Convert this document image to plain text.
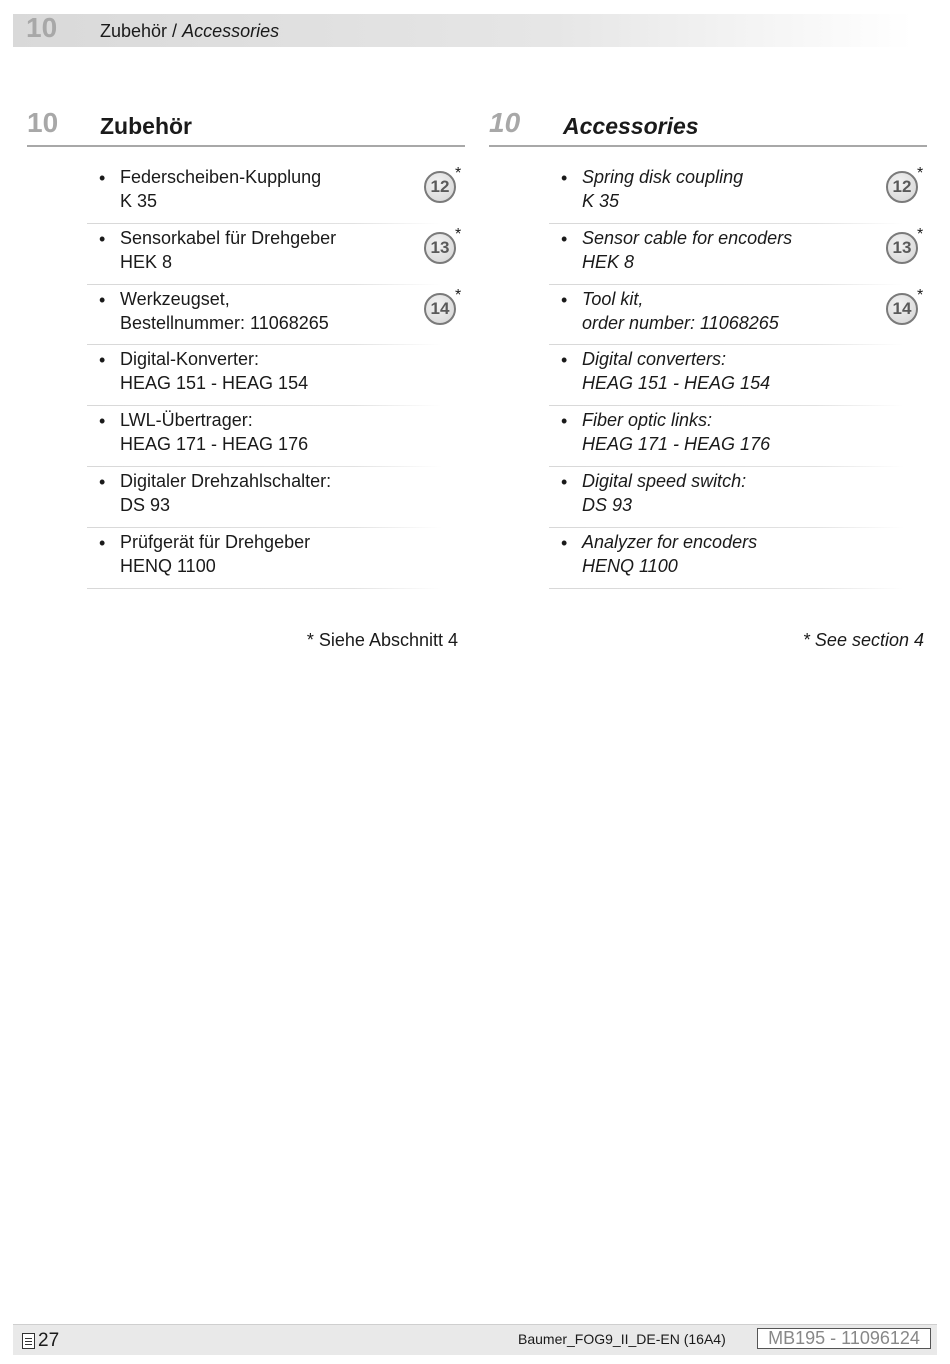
10 Zubehör / Accessories
10 Zubehör
• Federscheiben-Kupplung
K 35
12
*
• Sensorkabel für Drehgeber
HEK 8
13
*
• Werkzeugset,
Bestellnummer: 11068265
14
*
• Digital-Konverter:
HEAG 151 - HEAG 154
• LWL-Übertrager:
HEAG 171 - HEAG 176
• Digitaler Drehzahlschalter:
DS 93
• Prüfgerät für Drehgeber
HENQ 1100
10 Accessories
• Spring disk coupling
K 35
12
*
• Sensor cable for encoders
HEK 8
13
*
• Tool kit,
order number: 11068265
14
*
• Digital converters:
HEAG 151 - HEAG 154
• Fiber optic links:
HEAG 171 - HEAG 176
• Digital speed switch:
DS 93
• Analyzer for encoders
HENQ 1100
* Siehe Abschnitt 4	* See section 4
27	Baumer_FOG9_II_DE-EN (16A4)	MB195 - 11096124
